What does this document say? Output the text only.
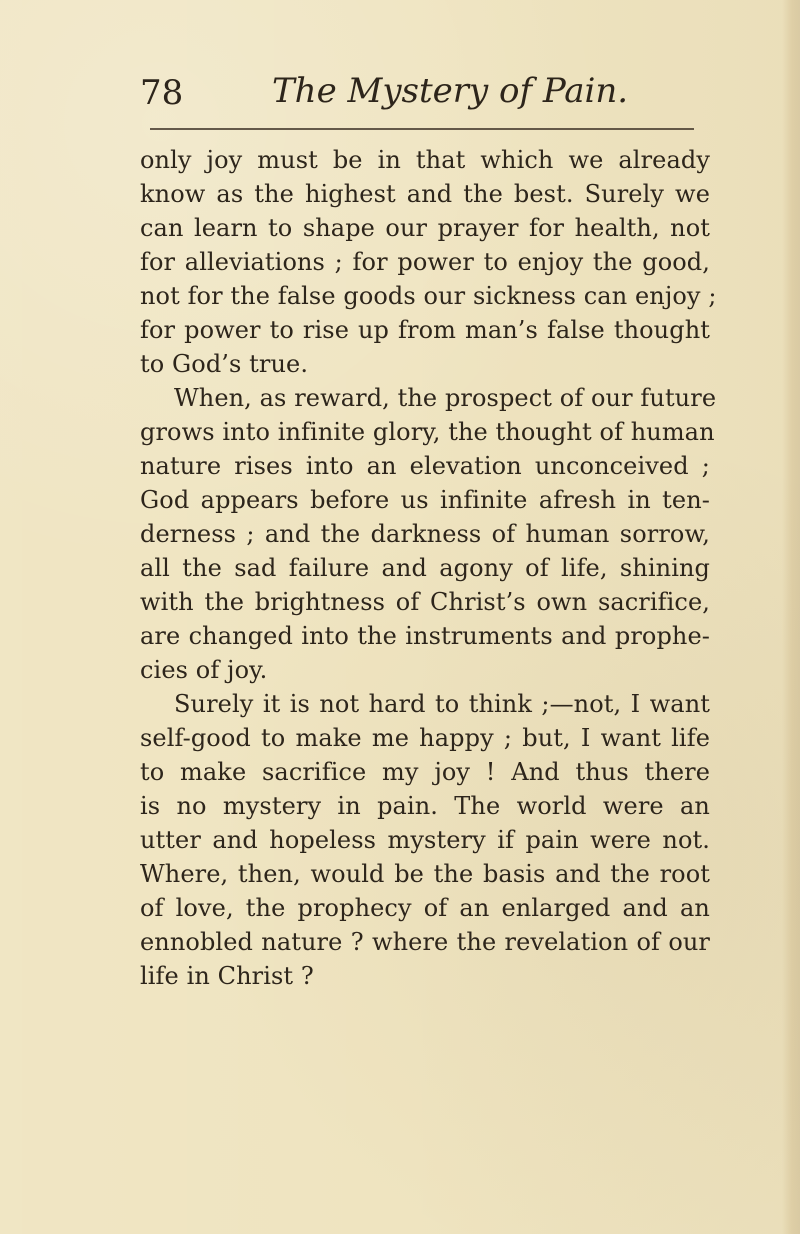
78	The Mystery of Pain.
only joy must be in that which we already
know as the highest and the best. Surely we
can learn to shape our prayer for health, not
for alleviations ; for power to enjoy the good,
not for the false goods our sickness can enjoy ;
for power to rise up from man’s false thought
to God’s true.
When, as reward, the prospect of our future
grows into infinite glory, the thought of human
nature rises into an elevation unconceived ;
God appears before us infinite afresh in ten-
derness ; and the darkness of human sorrow,
all the sad failure and agony of life, shining
with the brightness of Christ’s own sacrifice,
are changed into the instruments and prophe-
cies of joy.
Surely it is not hard to think ;—not, I want
self-good to make me happy ; but, I want life
to make sacrifice my joy ! And thus there
is no mystery in pain. The world were an
utter and hopeless mystery if pain were not.
Where, then, would be the basis and the root
of love, the prophecy of an enlarged and an
ennobled nature ? where the revelation of our
life in Christ ?
